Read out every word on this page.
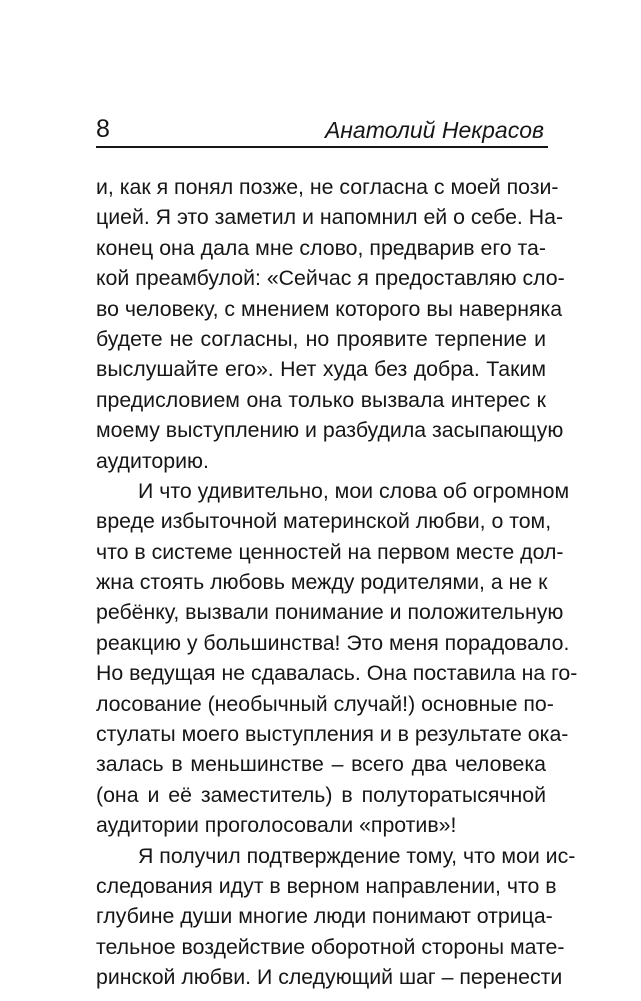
8	Анатолий Некрасов
и, как я понял позже, не согласна с моей пози-
цией. Я это заметил и напомнил ей о себе. На-
конец она дала мне слово, предварив его та-
кой преамбулой: «Сейчас я предоставляю сло-
во человеку, с мнением которого вы наверняка
будете не согласны, но проявите терпение и
выслушайте его». Нет худа без добра. Таким
предисловием она только вызвала интерес к
моему выступлению и разбудила засыпающую
аудиторию.
И что удивительно, мои слова об огромном
вреде избыточной материнской любви, о том,
что в системе ценностей на первом месте дол-
жна стоять любовь между родителями, а не к
ребёнку, вызвали понимание и положительную
реакцию у большинства! Это меня порадовало.
Но ведущая не сдавалась. Она поставила на го-
лосование (необычный случай!) основные по-
стулаты моего выступления и в результате ока-
залась в меньшинстве – всего два человека
(она и её заместитель) в полуторатысячной
аудитории проголосовали «против»!
Я получил подтверждение тому, что мои ис-
следования идут в верном направлении, что в
глубине души многие люди понимают отрица-
тельное воздействие оборотной стороны мате-
ринской любви. И следующий шаг – перенести
